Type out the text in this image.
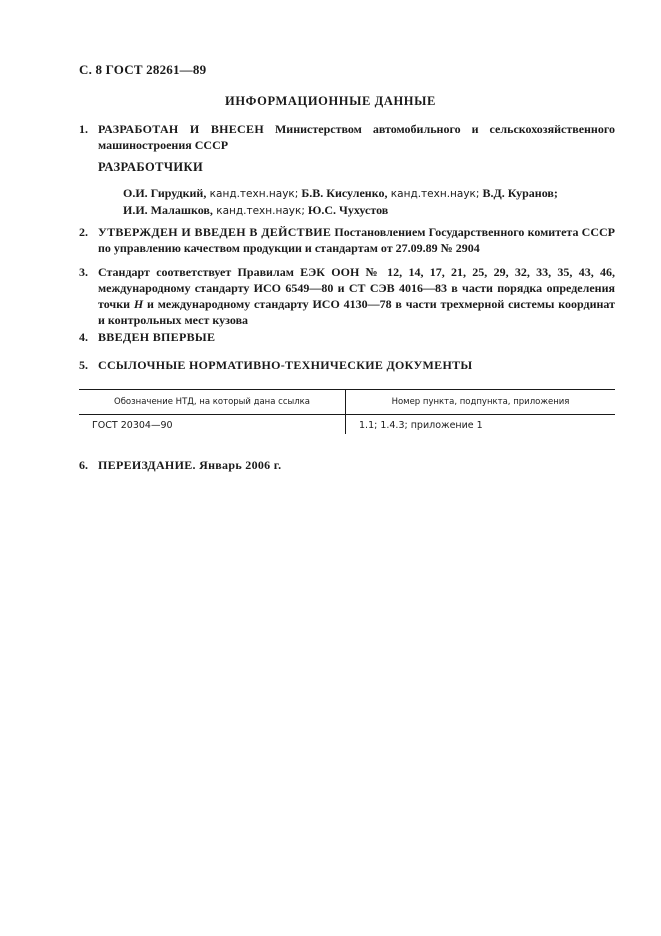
С. 8 ГОСТ 28261—89
ИНФОРМАЦИОННЫЕ ДАННЫЕ
1. РАЗРАБОТАН И ВНЕСЕН Министерством автомобильного и сельскохозяйственного машиностроения СССР
РАЗРАБОТЧИКИ
О.И. Гирудкий, канд.техн.наук; Б.В. Кисуленко, канд.техн.наук; В.Д. Куранов;
И.И. Малашков, канд.техн.наук; Ю.С. Чухустов
2. УТВЕРЖДЕН И ВВЕДЕН В ДЕЙСТВИЕ Постановлением Государственного комитета СССР по управлению качеством продукции и стандартам от 27.09.89 № 2904
3. Стандарт соответствует Правилам ЕЭК ООН № 12, 14, 17, 21, 25, 29, 32, 33, 35, 43, 46, международному стандарту ИСО 6549—80 и СТ СЭВ 4016—83 в части порядка определения точки Н и международному стандарту ИСО 4130—78 в части трехмерной системы координат и контрольных мест кузова
4. ВВЕДЕН ВПЕРВЫЕ
5. ССЫЛОЧНЫЕ НОРМАТИВНО-ТЕХНИЧЕСКИЕ ДОКУМЕНТЫ
Обозначение НТД, на который дана ссылка	Номер пункта, подпункта, приложения
ГОСТ 20304—90	1.1; 1.4.3; приложение 1
6. ПЕРЕИЗДАНИЕ. Январь 2006 г.
